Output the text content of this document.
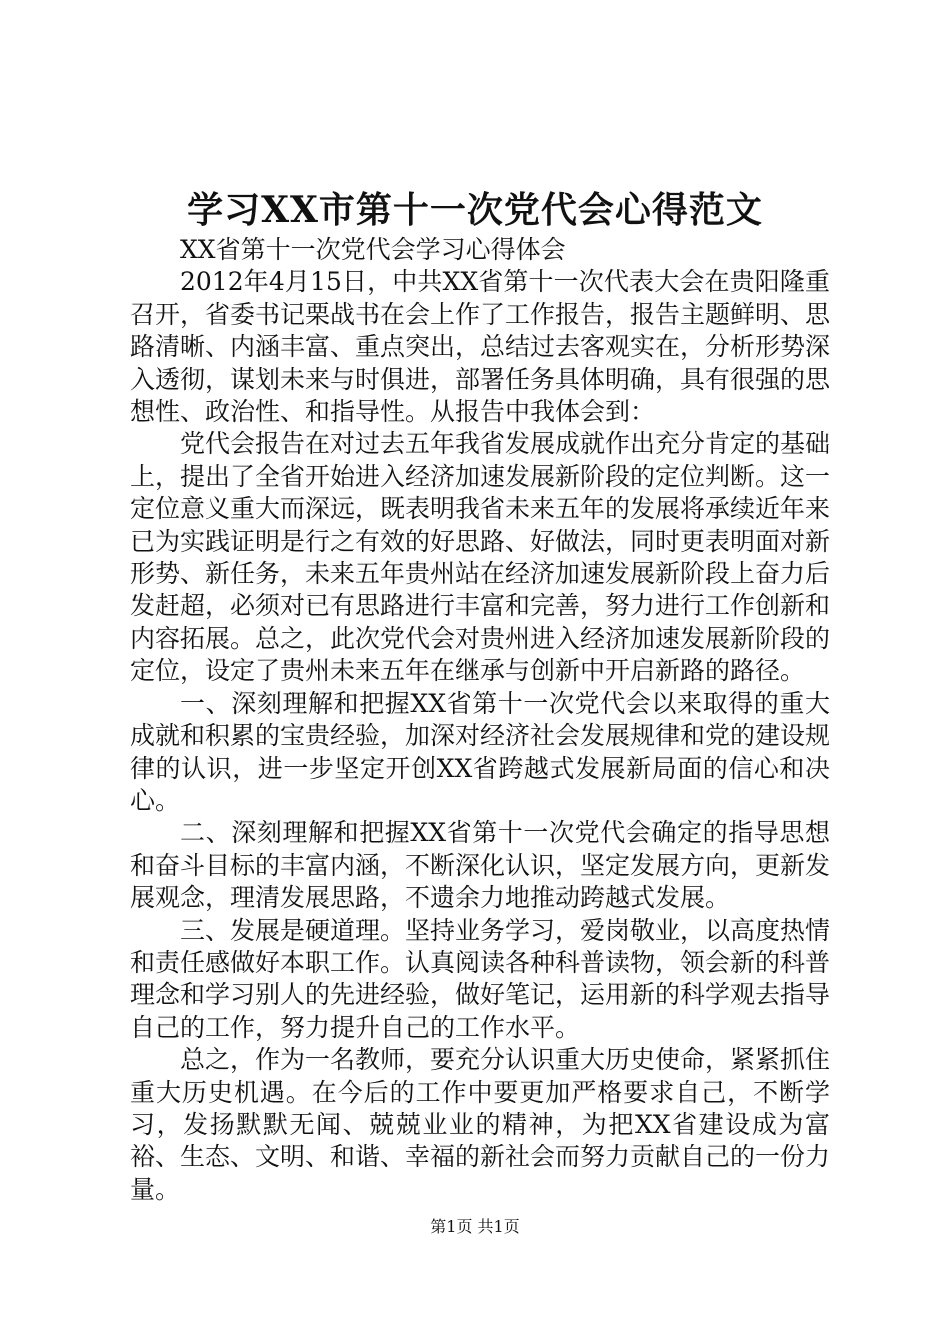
学习XX市第十一次党代会心得范文

XX省第十一次党代会学习心得体会

2012年4月15日，中共XX省第十一次代表大会在贵阳隆重召开，省委书记栗战书在会上作了工作报告，报告主题鲜明、思路清晰、内涵丰富、重点突出，总结过去客观实在，分析形势深入透彻，谋划未来与时俱进，部署任务具体明确，具有很强的思想性、政治性、和指导性。从报告中我体会到：

党代会报告在对过去五年我省发展成就作出充分肯定的基础上，提出了全省开始进入经济加速发展新阶段的定位判断。这一定位意义重大而深远，既表明我省未来五年的发展将承续近年来已为实践证明是行之有效的好思路、好做法，同时更表明面对新形势、新任务，未来五年贵州站在经济加速发展新阶段上奋力后发赶超，必须对已有思路进行丰富和完善，努力进行工作创新和内容拓展。总之，此次党代会对贵州进入经济加速发展新阶段的定位，设定了贵州未来五年在继承与创新中开启新路的路径。

一、深刻理解和把握XX省第十一次党代会以来取得的重大成就和积累的宝贵经验，加深对经济社会发展规律和党的建设规律的认识，进一步坚定开创XX省跨越式发展新局面的信心和决心。

二、深刻理解和把握XX省第十一次党代会确定的指导思想和奋斗目标的丰富内涵，不断深化认识，坚定发展方向，更新发展观念，理清发展思路，不遗余力地推动跨越式发展。

三、发展是硬道理。坚持业务学习，爱岗敬业，以高度热情和责任感做好本职工作。认真阅读各种科普读物，领会新的科普理念和学习别人的先进经验，做好笔记，运用新的科学观去指导自己的工作，努力提升自己的工作水平。

总之，作为一名教师，要充分认识重大历史使命，紧紧抓住重大历史机遇。在今后的工作中要更加严格要求自己，不断学习，发扬默默无闻、兢兢业业的精神，为把XX省建设成为富裕、生态、文明、和谐、幸福的新社会而努力贡献自己的一份力量。

第1页 共1页
